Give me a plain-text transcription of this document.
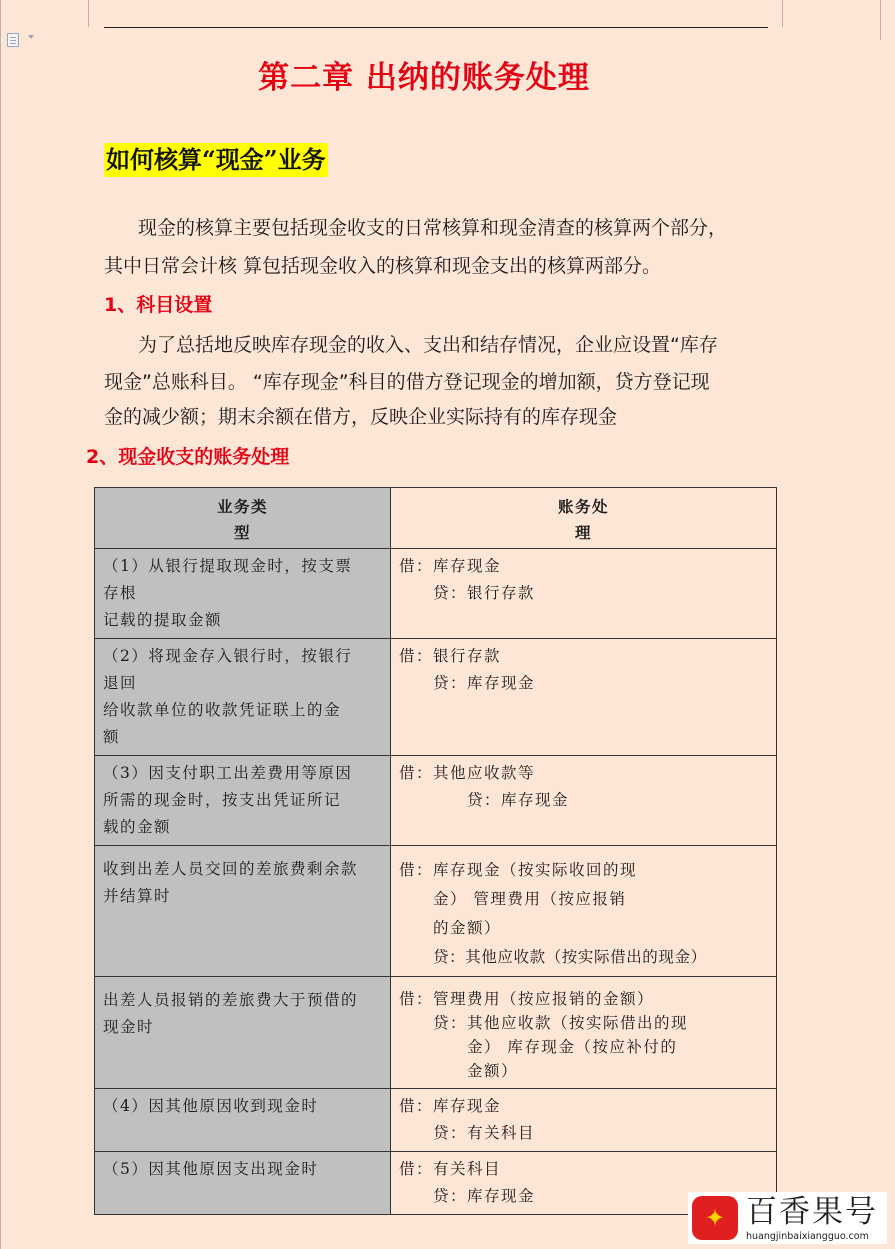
第二章 出纳的账务处理
如何核算“现金”业务
现金的核算主要包括现金收支的日常核算和现金清查的核算两个部分，
其中日常会计核 算包括现金收入的核算和现金支出的核算两部分。
1、科目设置
为了总括地反映库存现金的收入、支出和结存情况，企业应设置“库存
现金”总账科目。 “库存现金”科目的借方登记现金的增加额，贷方登记现
金的减少额；期末余额在借方，反映企业实际持有的库存现金
2、现金收支的账务处理
业务类
型	账务处
理

（1）从银行提取现金时，按支票
存根
记载的提取金额	借：库存现金
贷：银行存款

（2）将现金存入银行时，按银行
退回
给收款单位的收款凭证联上的金
额	借：银行存款
贷：库存现金

（3）因支付职工出差费用等原因
所需的现金时，按支出凭证所记
载的金额	借：其他应收款等
贷：库存现金

收到出差人员交回的差旅费剩余款
并结算时	借：库存现金（按实际收回的现
金） 管理费用（按应报销
的金额）
贷：其他应收款（按实际借出的现金）

出差人员报销的差旅费大于预借的
现金时	借：管理费用（按应报销的金额）
贷：其他应收款（按实际借出的现
金） 库存现金（按应补付的
金额）

（4）因其他原因收到现金时	借：库存现金
贷：有关科目

（5）因其他原因支出现金时	借：有关科目
贷：库存现金
✦ 百香果号
huangjinbaixiangguo.com
